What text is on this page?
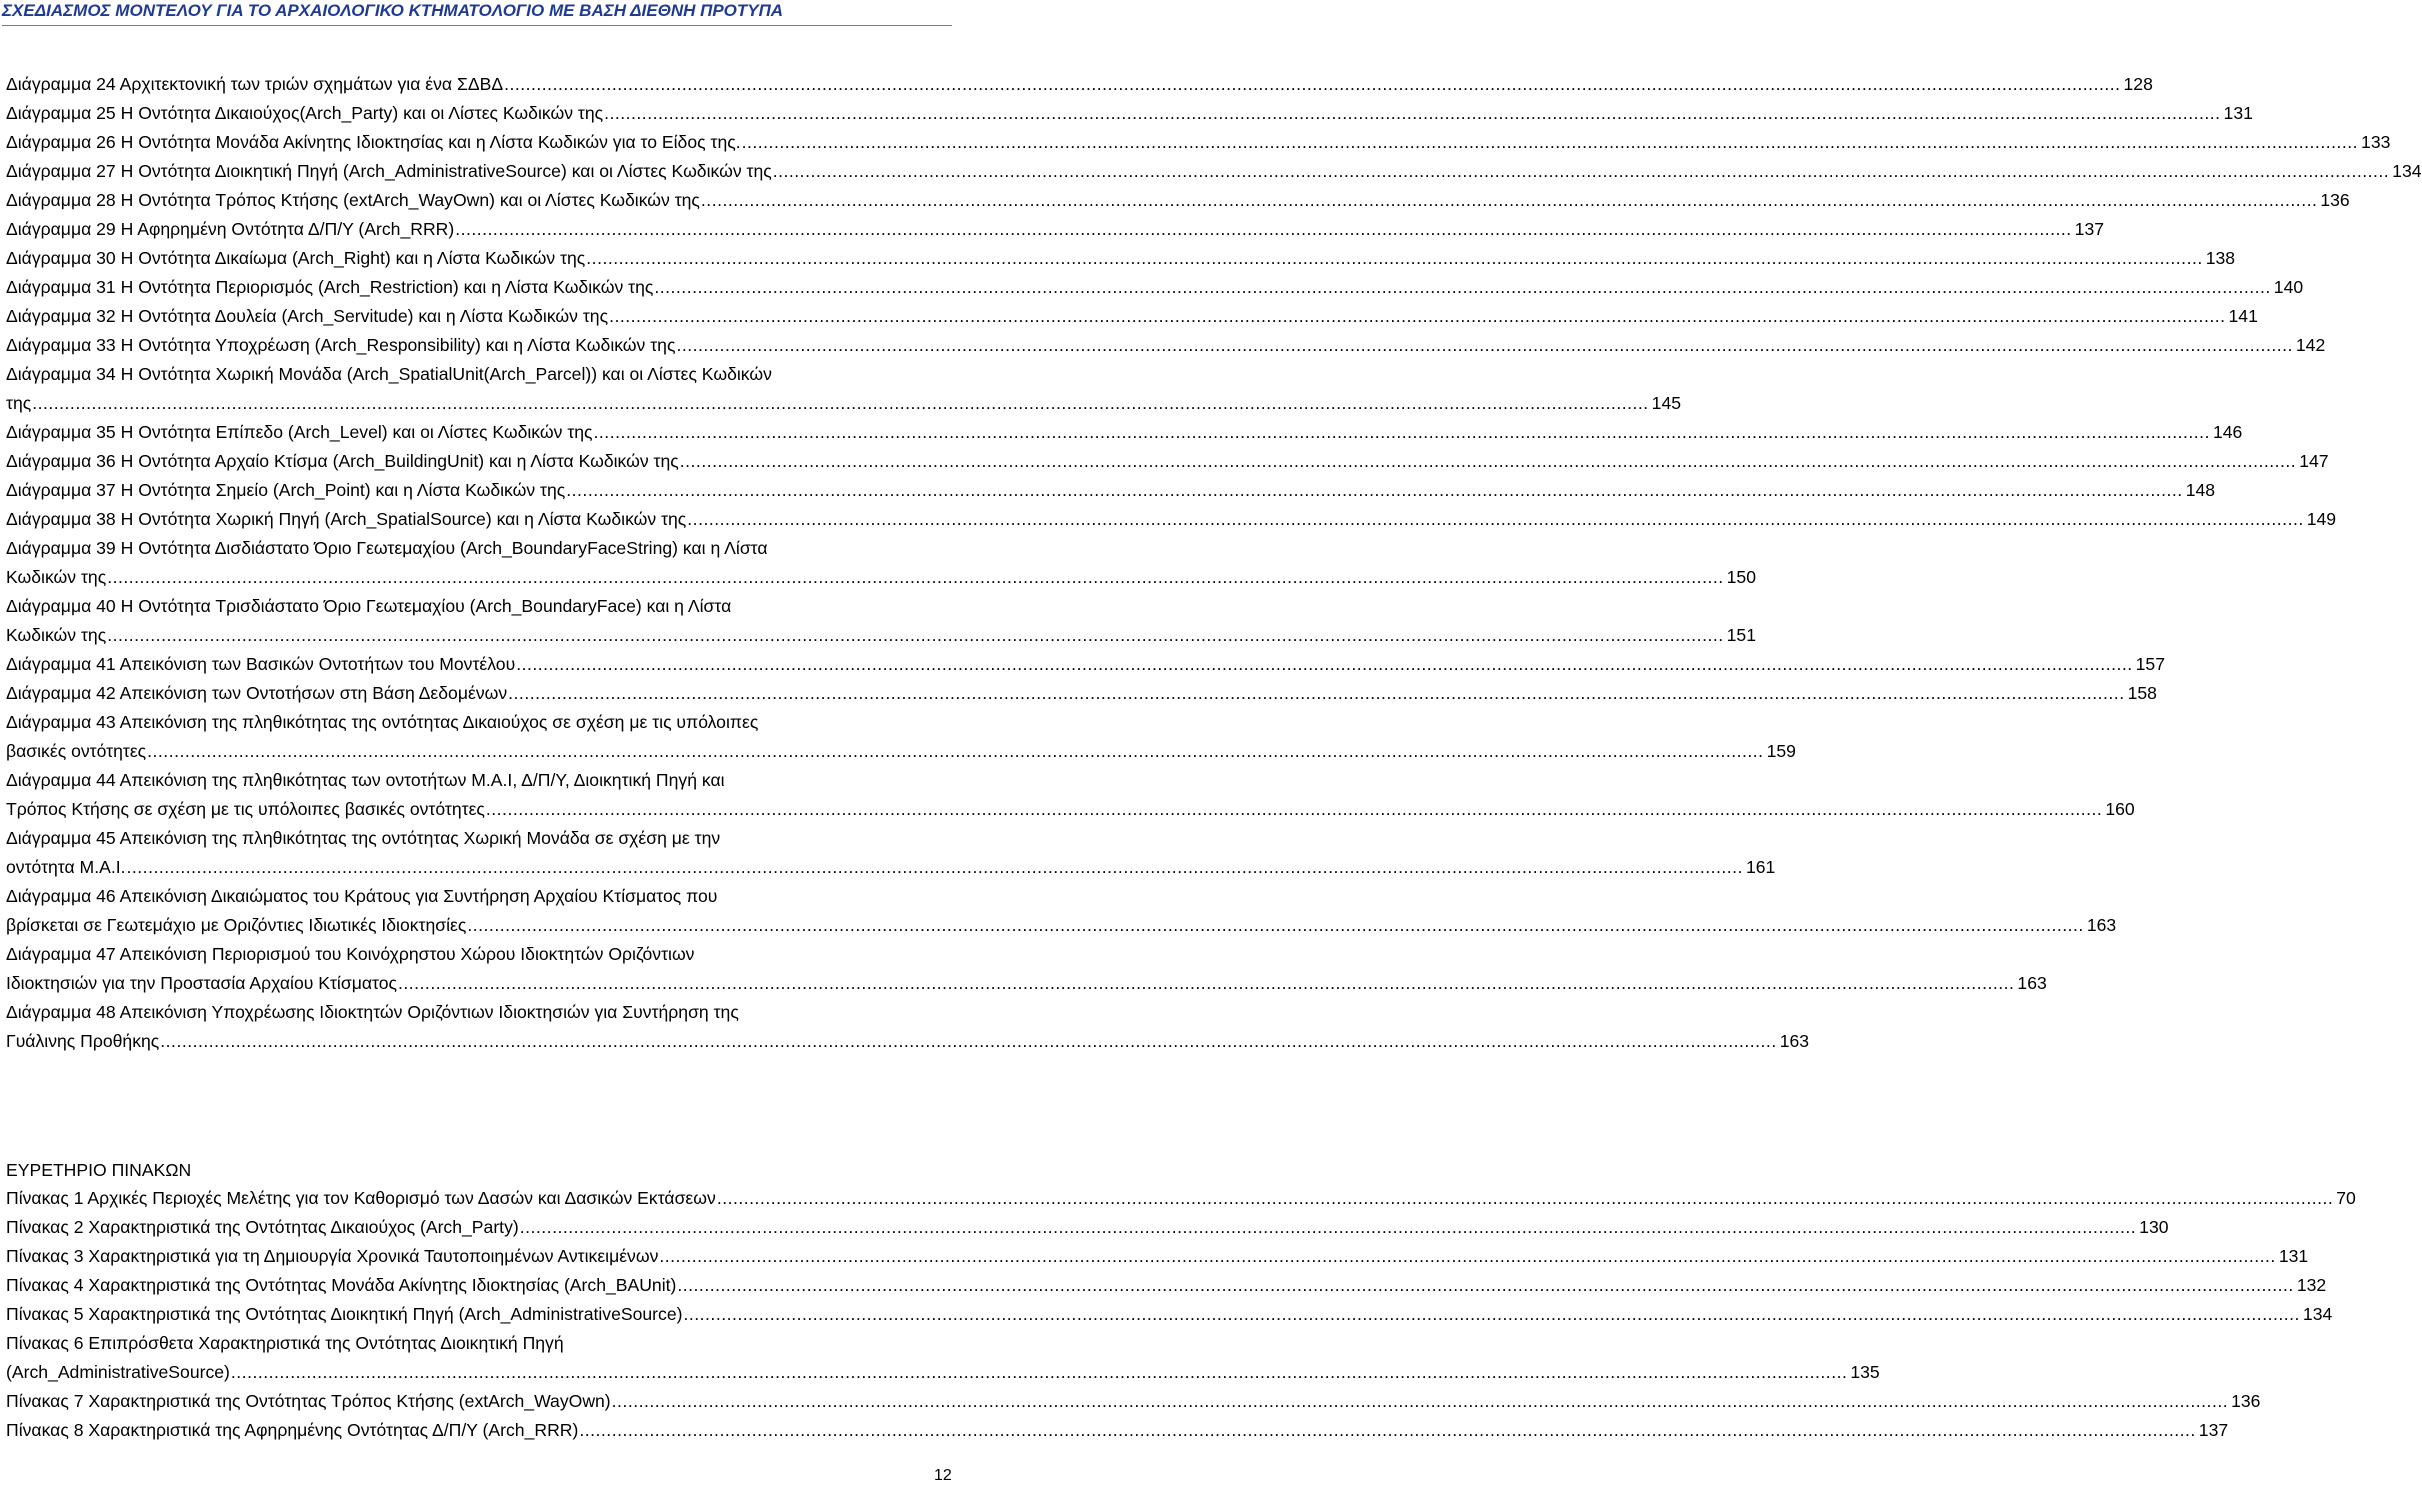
ΣΧΕΔΙΑΣΜΟΣ ΜΟΝΤΕΛΟΥ ΓΙΑ ΤΟ ΑΡΧΑΙΟΛΟΓΙΚΟ ΚΤΗΜΑΤΟΛΟΓΙΟ ΜΕ ΒΑΣΗ ΔΙΕΘΝΗ ΠΡΟΤΥΠΑ
Διάγραμμα 24 Αρχιτεκτονική των τριών σχημάτων για ένα ΣΔΒΔ ............................................................................................................................................................................................................................................................................................................ 128
Διάγραμμα 25 Η Οντότητα Δικαιούχος(Arch_Party) και οι Λίστες Κωδικών της ............................................................................................................................................................................................................................................................................................................ 131
Διάγραμμα 26 Η Οντότητα Μονάδα Ακίνητης Ιδιοκτησίας και η Λίστα Κωδικών για το Είδος της. ............................................................................................................................................................................................................................................................................................................ 133
Διάγραμμα 27 Η Οντότητα Διοικητική Πηγή (Arch_AdministrativeSource) και οι Λίστες Κωδικών της ............................................................................................................................................................................................................................................................................................................ 134
Διάγραμμα 28 Η Οντότητα Τρόπος Κτήσης (extArch_WayOwn) και οι Λίστες Κωδικών της ............................................................................................................................................................................................................................................................................................................ 136
Διάγραμμα 29 Η Αφηρημένη Οντότητα Δ/Π/Υ (Arch_RRR) ............................................................................................................................................................................................................................................................................................................ 137
Διάγραμμα 30 Η Οντότητα Δικαίωμα (Arch_Right) και η Λίστα Κωδικών της ............................................................................................................................................................................................................................................................................................................ 138
Διάγραμμα 31 Η Οντότητα Περιορισμός (Arch_Restriction) και η Λίστα Κωδικών της ............................................................................................................................................................................................................................................................................................................ 140
Διάγραμμα 32 Η Οντότητα Δουλεία (Arch_Servitude) και η Λίστα Κωδικών της ............................................................................................................................................................................................................................................................................................................ 141
Διάγραμμα 33 Η Οντότητα Υποχρέωση (Arch_Responsibility) και η Λίστα Κωδικών της ............................................................................................................................................................................................................................................................................................................ 142
Διάγραμμα 34 Η Οντότητα Χωρική Μονάδα (Arch_SpatialUnit(Arch_Parcel)) και οι Λίστες Κωδικών
της ............................................................................................................................................................................................................................................................................................................ 145
Διάγραμμα 35 Η Οντότητα Επίπεδο (Arch_Level) και οι Λίστες Κωδικών της ............................................................................................................................................................................................................................................................................................................ 146
Διάγραμμα 36 Η Οντότητα Αρχαίο Κτίσμα (Arch_BuildingUnit) και η Λίστα Κωδικών της ............................................................................................................................................................................................................................................................................................................ 147
Διάγραμμα 37 Η Οντότητα Σημείο (Arch_Point) και η Λίστα Κωδικών της ............................................................................................................................................................................................................................................................................................................ 148
Διάγραμμα 38 Η Οντότητα Χωρική Πηγή (Arch_SpatialSource) και η Λίστα Κωδικών της ............................................................................................................................................................................................................................................................................................................ 149
Διάγραμμα 39 Η Οντότητα Δισδιάστατο Όριο Γεωτεμαχίου (Arch_BoundaryFaceString) και η Λίστα
Κωδικών της ............................................................................................................................................................................................................................................................................................................ 150
Διάγραμμα 40 Η Οντότητα Τρισδιάστατο Όριο Γεωτεμαχίου (Arch_BoundaryFace) και η Λίστα
Κωδικών της ............................................................................................................................................................................................................................................................................................................ 151
Διάγραμμα 41 Απεικόνιση των Βασικών Οντοτήτων του Μοντέλου ............................................................................................................................................................................................................................................................................................................ 157
Διάγραμμα 42 Απεικόνιση των Οντοτήσων στη Βάση Δεδομένων ............................................................................................................................................................................................................................................................................................................ 158
Διάγραμμα 43 Απεικόνιση της πληθικότητας της οντότητας Δικαιούχος σε σχέση με τις υπόλοιπες
βασικές οντότητες ............................................................................................................................................................................................................................................................................................................ 159
Διάγραμμα 44 Απεικόνιση της πληθικότητας των οντοτήτων Μ.Α.Ι, Δ/Π/Υ, Διοικητική Πηγή και
Τρόπος Κτήσης σε σχέση με τις υπόλοιπες βασικές οντότητες ............................................................................................................................................................................................................................................................................................................ 160
Διάγραμμα 45 Απεικόνιση της πληθικότητας της οντότητας Χωρική Μονάδα σε σχέση με την
οντότητα Μ.Α.Ι. ............................................................................................................................................................................................................................................................................................................ 161
Διάγραμμα 46 Απεικόνιση Δικαιώματος του Κράτους για Συντήρηση Αρχαίου Κτίσματος που
βρίσκεται σε Γεωτεμάχιο με Οριζόντιες Ιδιωτικές Ιδιοκτησίες ............................................................................................................................................................................................................................................................................................................ 163
Διάγραμμα 47 Απεικόνιση Περιορισμού του Κοινόχρηστου Χώρου Ιδιοκτητών Οριζόντιων
Ιδιοκτησιών για την Προστασία Αρχαίου Κτίσματος ............................................................................................................................................................................................................................................................................................................ 163
Διάγραμμα 48 Απεικόνιση Υποχρέωσης Ιδιοκτητών Οριζόντιων Ιδιοκτησιών για Συντήρηση της
Γυάλινης Προθήκης ............................................................................................................................................................................................................................................................................................................ 163
ΕΥΡΕΤΗΡΙΟ ΠΙΝΑΚΩΝ
Πίνακας 1 Αρχικές Περιοχές Μελέτης για τον Καθορισμό των Δασών και Δασικών Εκτάσεων ............................................................................................................................................................................................................................................................................................................ 70
Πίνακας 2 Χαρακτηριστικά της Οντότητας Δικαιούχος (Arch_Party) ............................................................................................................................................................................................................................................................................................................ 130
Πίνακας 3 Χαρακτηριστικά για τη Δημιουργία Χρονικά Ταυτοποιημένων Αντικειμένων ............................................................................................................................................................................................................................................................................................................ 131
Πίνακας 4 Χαρακτηριστικά της Οντότητας Μονάδα Ακίνητης Ιδιοκτησίας (Arch_BAUnit) ............................................................................................................................................................................................................................................................................................................ 132
Πίνακας 5 Χαρακτηριστικά της Οντότητας Διοικητική Πηγή (Arch_AdministrativeSource) ............................................................................................................................................................................................................................................................................................................ 134
Πίνακας 6 Επιπρόσθετα Χαρακτηριστικά της Οντότητας Διοικητική Πηγή
(Arch_AdministrativeSource) ............................................................................................................................................................................................................................................................................................................ 135
Πίνακας 7 Χαρακτηριστικά της Οντότητας Τρόπος Κτήσης (extArch_WayOwn) ............................................................................................................................................................................................................................................................................................................ 136
Πίνακας 8 Χαρακτηριστικά της Αφηρημένης Οντότητας Δ/Π/Υ (Arch_RRR) ............................................................................................................................................................................................................................................................................................................ 137
12
